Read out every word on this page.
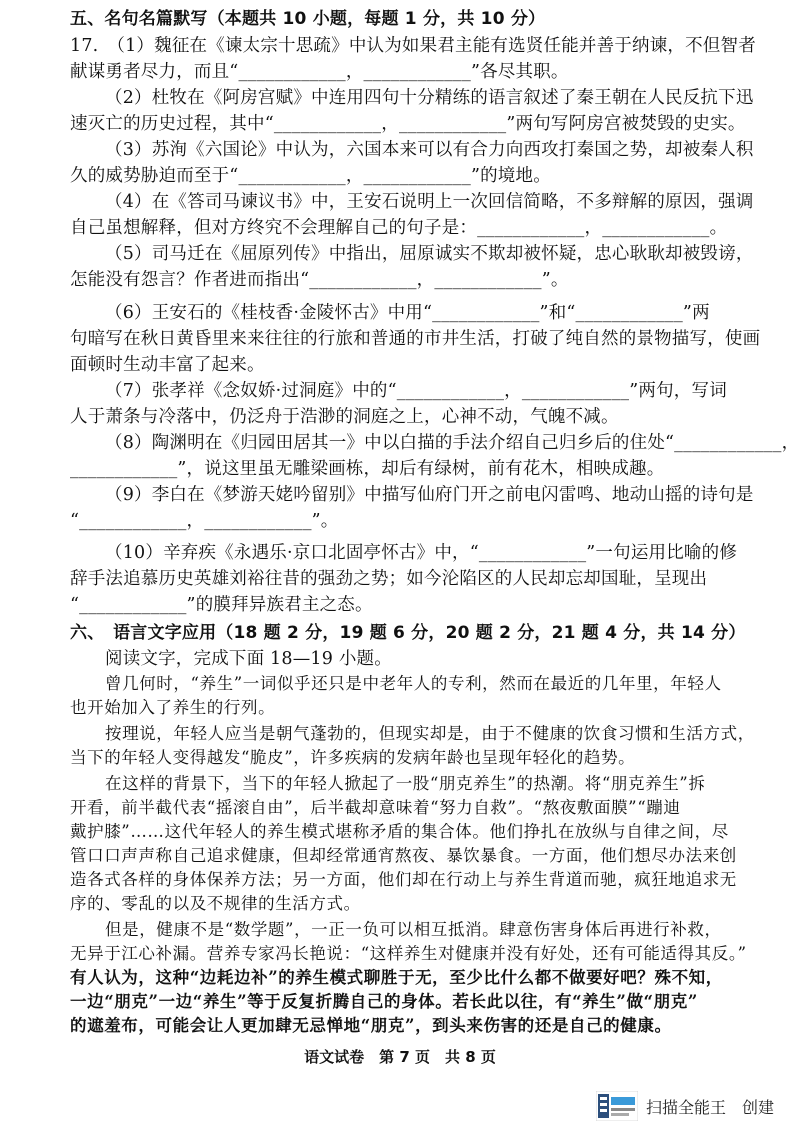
五、名句名篇默写（本题共 10 小题，每题 1 分，共 10 分）
17.　（1）魏征在《谏太宗十思疏》中认为如果君主能有选贤任能并善于纳谏，不但智者
献谋勇者尽力，而且“____________，____________”各尽其职。
（2）杜牧在《阿房宫赋》中连用四句十分精练的语言叙述了秦王朝在人民反抗下迅
速灭亡的历史过程，其中“____________，____________”两句写阿房宫被焚毁的史实。
（3）苏洵《六国论》中认为，六国本来可以有合力向西攻打秦国之势，却被秦人积
久的威势胁迫而至于“____________，____________”的境地。
（4）在《答司马谏议书》中，王安石说明上一次回信简略，不多辩解的原因，强调
自己虽想解释，但对方终究不会理解自己的句子是：____________，____________。
（5）司马迁在《屈原列传》中指出，屈原诚实不欺却被怀疑，忠心耿耿却被毁谤，
怎能没有怨言？作者进而指出“____________，____________”。
（6）王安石的《桂枝香·金陵怀古》中用“____________”和“____________”两
句暗写在秋日黄昏里来来往往的行旅和普通的市井生活，打破了纯自然的景物描写，使画
面顿时生动丰富了起来。
（7）张孝祥《念奴娇·过洞庭》中的“____________，____________”两句，写词
人于萧条与冷落中，仍泛舟于浩渺的洞庭之上，心神不动，气魄不减。
（8）陶渊明在《归园田居其一》中以白描的手法介绍自己归乡后的住处“____________，
____________”，说这里虽无雕梁画栋，却后有绿树，前有花木，相映成趣。
（9）李白在《梦游天姥吟留别》中描写仙府门开之前电闪雷鸣、地动山摇的诗句是
“____________，____________”。
（10）辛弃疾《永遇乐·京口北固亭怀古》中，“____________”一句运用比喻的修
辞手法追慕历史英雄刘裕往昔的强劲之势；如今沦陷区的人民却忘却国耻，呈现出
“____________”的膜拜异族君主之态。
六、　语言文字应用（18 题 2 分，19 题 6 分，20 题 2 分，21 题 4 分，共 14 分）
阅读文字，完成下面 18—19 小题。
语文试卷　第 7 页　共 8 页
扫描全能王　创建
曾几何时，“养生”一词似乎还只是中老年人的专利，然而在最近的几年里，年轻人
也开始加入了养生的行列。
按理说，年轻人应当是朝气蓬勃的，但现实却是，由于不健康的饮食习惯和生活方式，
当下的年轻人变得越发“脆皮”，许多疾病的发病年龄也呈现年轻化的趋势。
在这样的背景下，当下的年轻人掀起了一股“朋克养生”的热潮。将“朋克养生”拆
开看，前半截代表“摇滚自由”，后半截却意味着“努力自救”。“熬夜敷面膜”“蹦迪
戴护膝”……这代年轻人的养生模式堪称矛盾的集合体。他们挣扎在放纵与自律之间，尽
管口口声声称自己追求健康，但却经常通宵熬夜、暴饮暴食。一方面，他们想尽办法来创
造各式各样的身体保养方法；另一方面，他们却在行动上与养生背道而驰，疯狂地追求无
序的、零乱的以及不规律的生活方式。
但是，健康不是“数学题”，一正一负可以相互抵消。肆意伤害身体后再进行补救，
无异于江心补漏。营养专家冯长艳说：“这样养生对健康并没有好处，还有可能适得其反。”
有人认为，这种“边耗边补”的养生模式聊胜于无，至少比什么都不做要好吧？殊不知，
一边“朋克”一边“养生”等于反复折腾自己的身体。若长此以往，有“养生”做“朋克”
的遮羞布，可能会让人更加肆无忌惮地“朋克”，到头来伤害的还是自己的健康。
